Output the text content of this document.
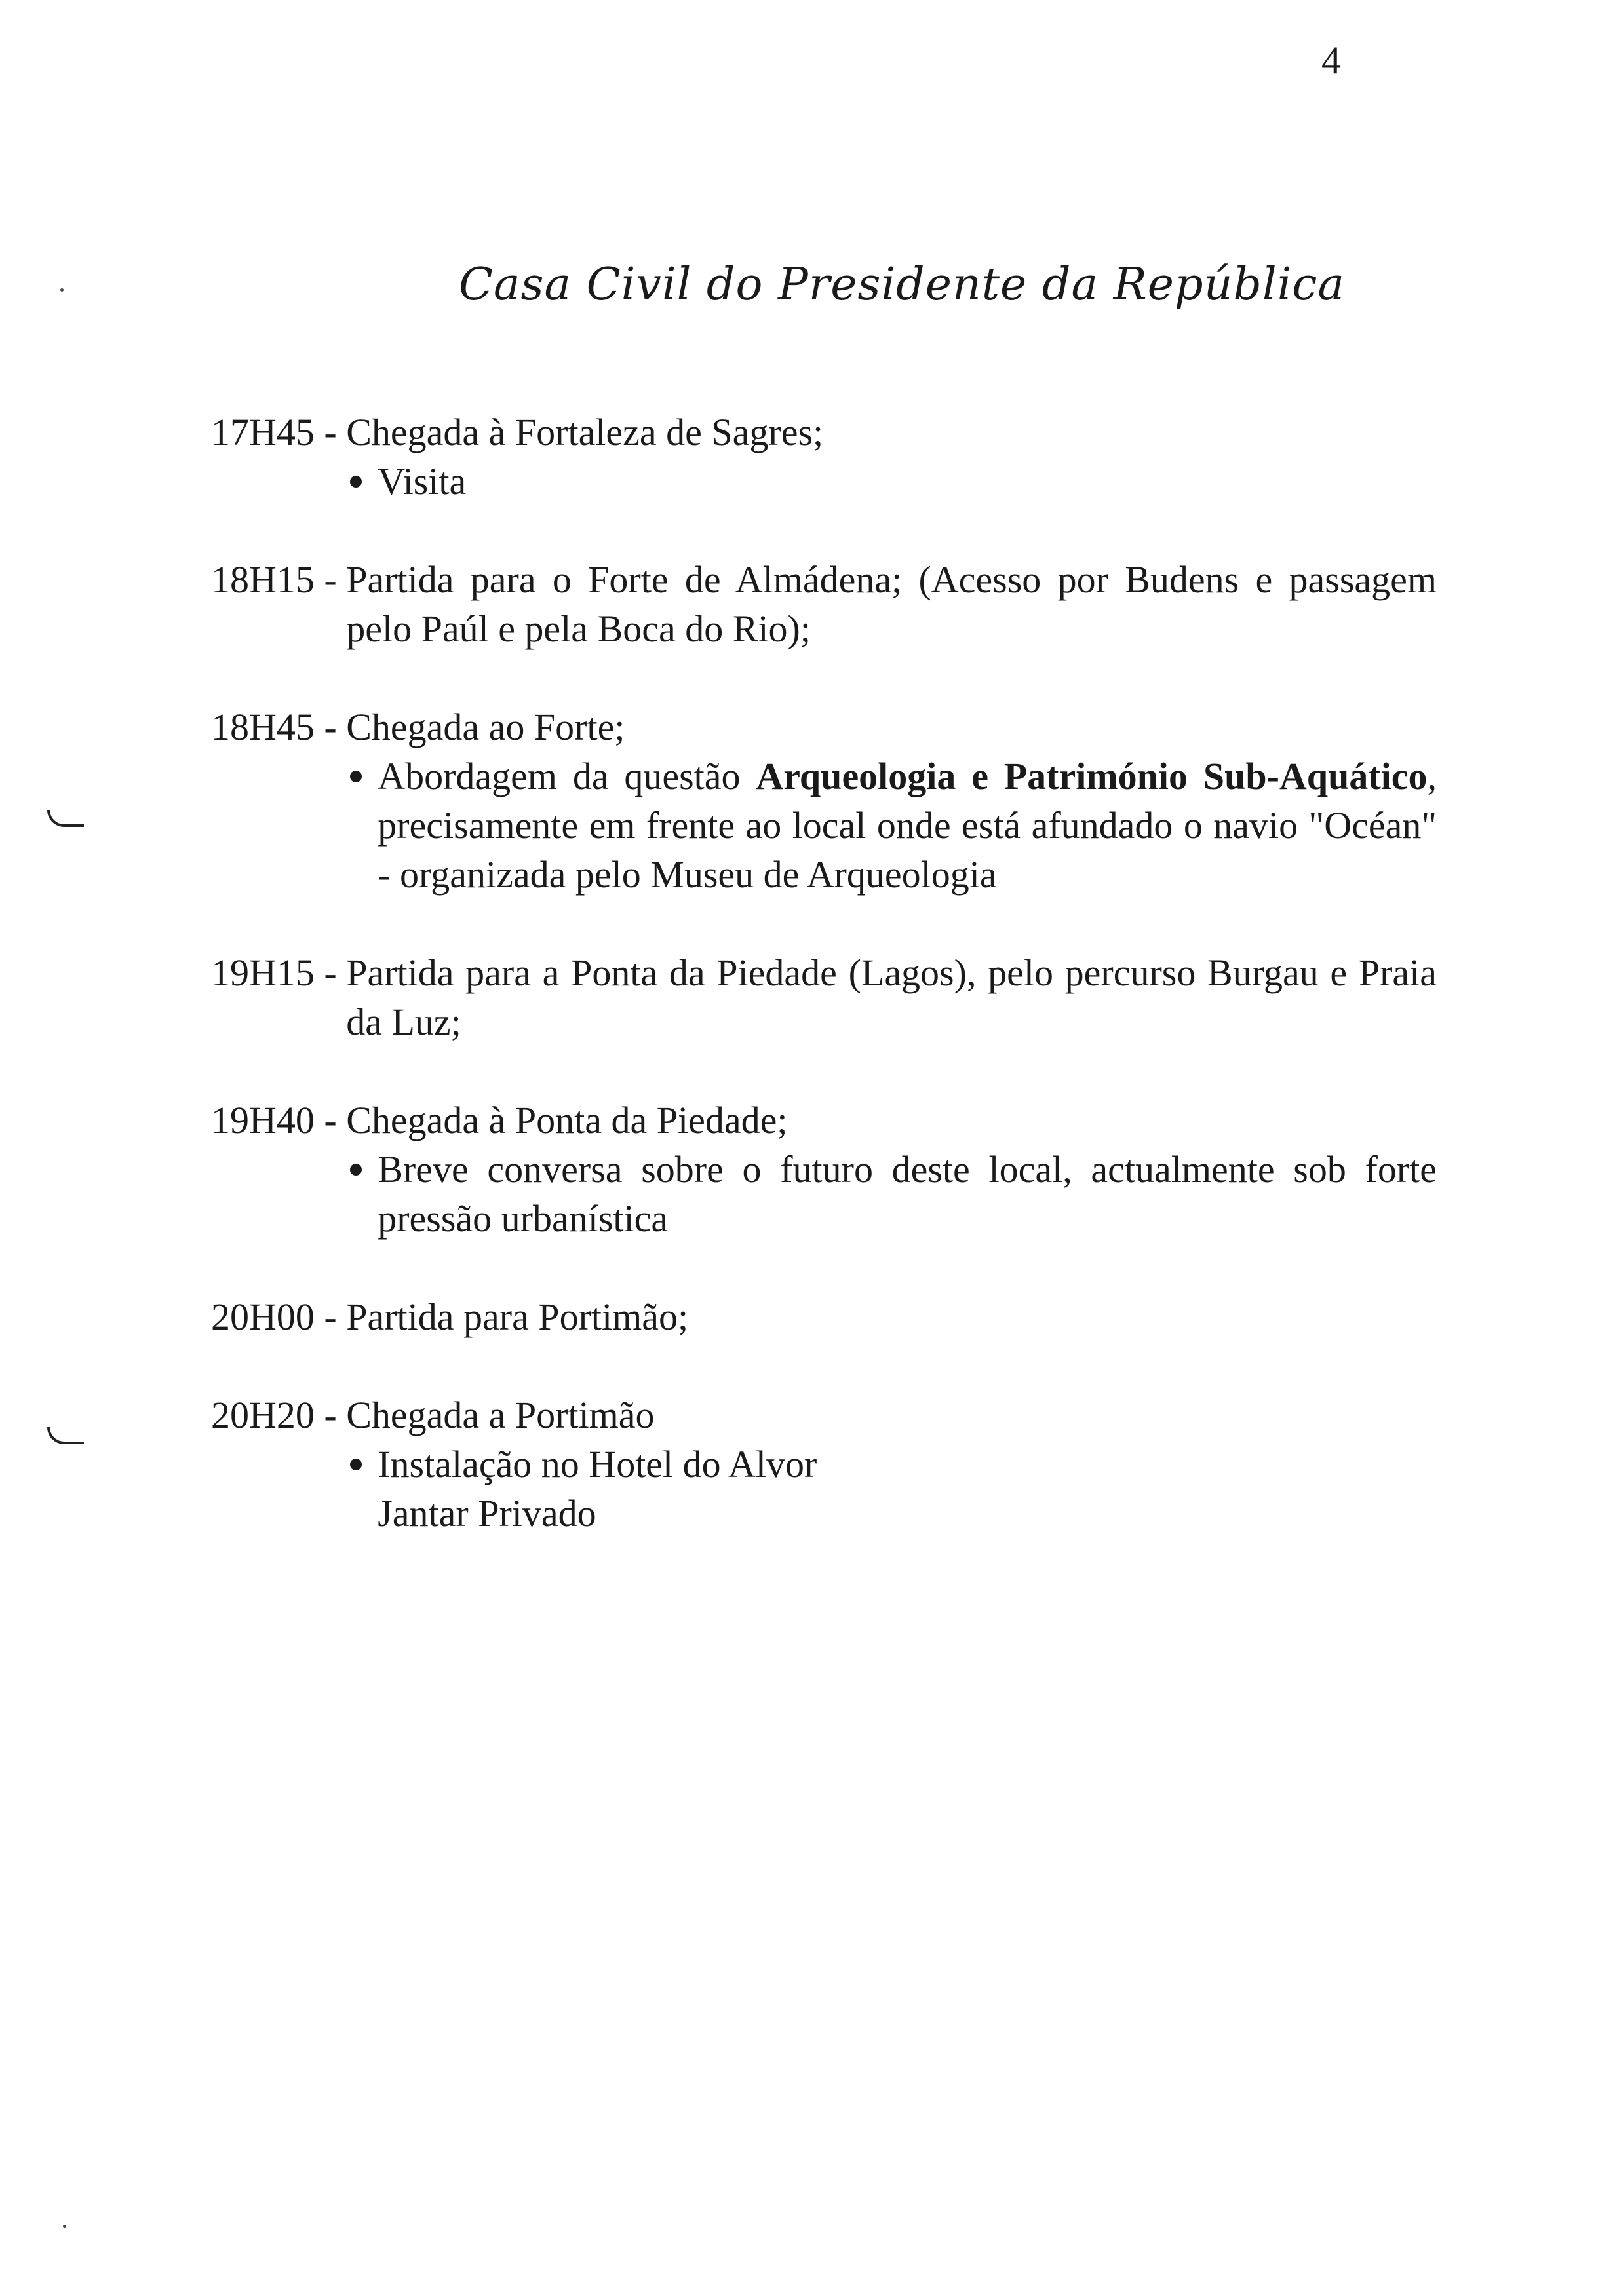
4
Casa Civil do Presidente da República
17H45 - Chegada à Fortaleza de Sagres;
Visita
18H15 - Partida para o Forte de Almádena; (Acesso por Budens e passagem pelo Paúl e pela Boca do Rio);
18H45 - Chegada ao Forte;
Abordagem da questão Arqueologia e Património Sub-Aquático, precisamente em frente ao local onde está afundado o navio "Océan" - organizada pelo Museu de Arqueologia
19H15 - Partida para a Ponta da Piedade (Lagos), pelo percurso Burgau e Praia da Luz;
19H40 - Chegada à Ponta da Piedade;
Breve conversa sobre o futuro deste local, actualmente sob forte pressão urbanística
20H00 - Partida para Portimão;
20H20 - Chegada a Portimão
Instalação no Hotel do Alvor
Jantar Privado
